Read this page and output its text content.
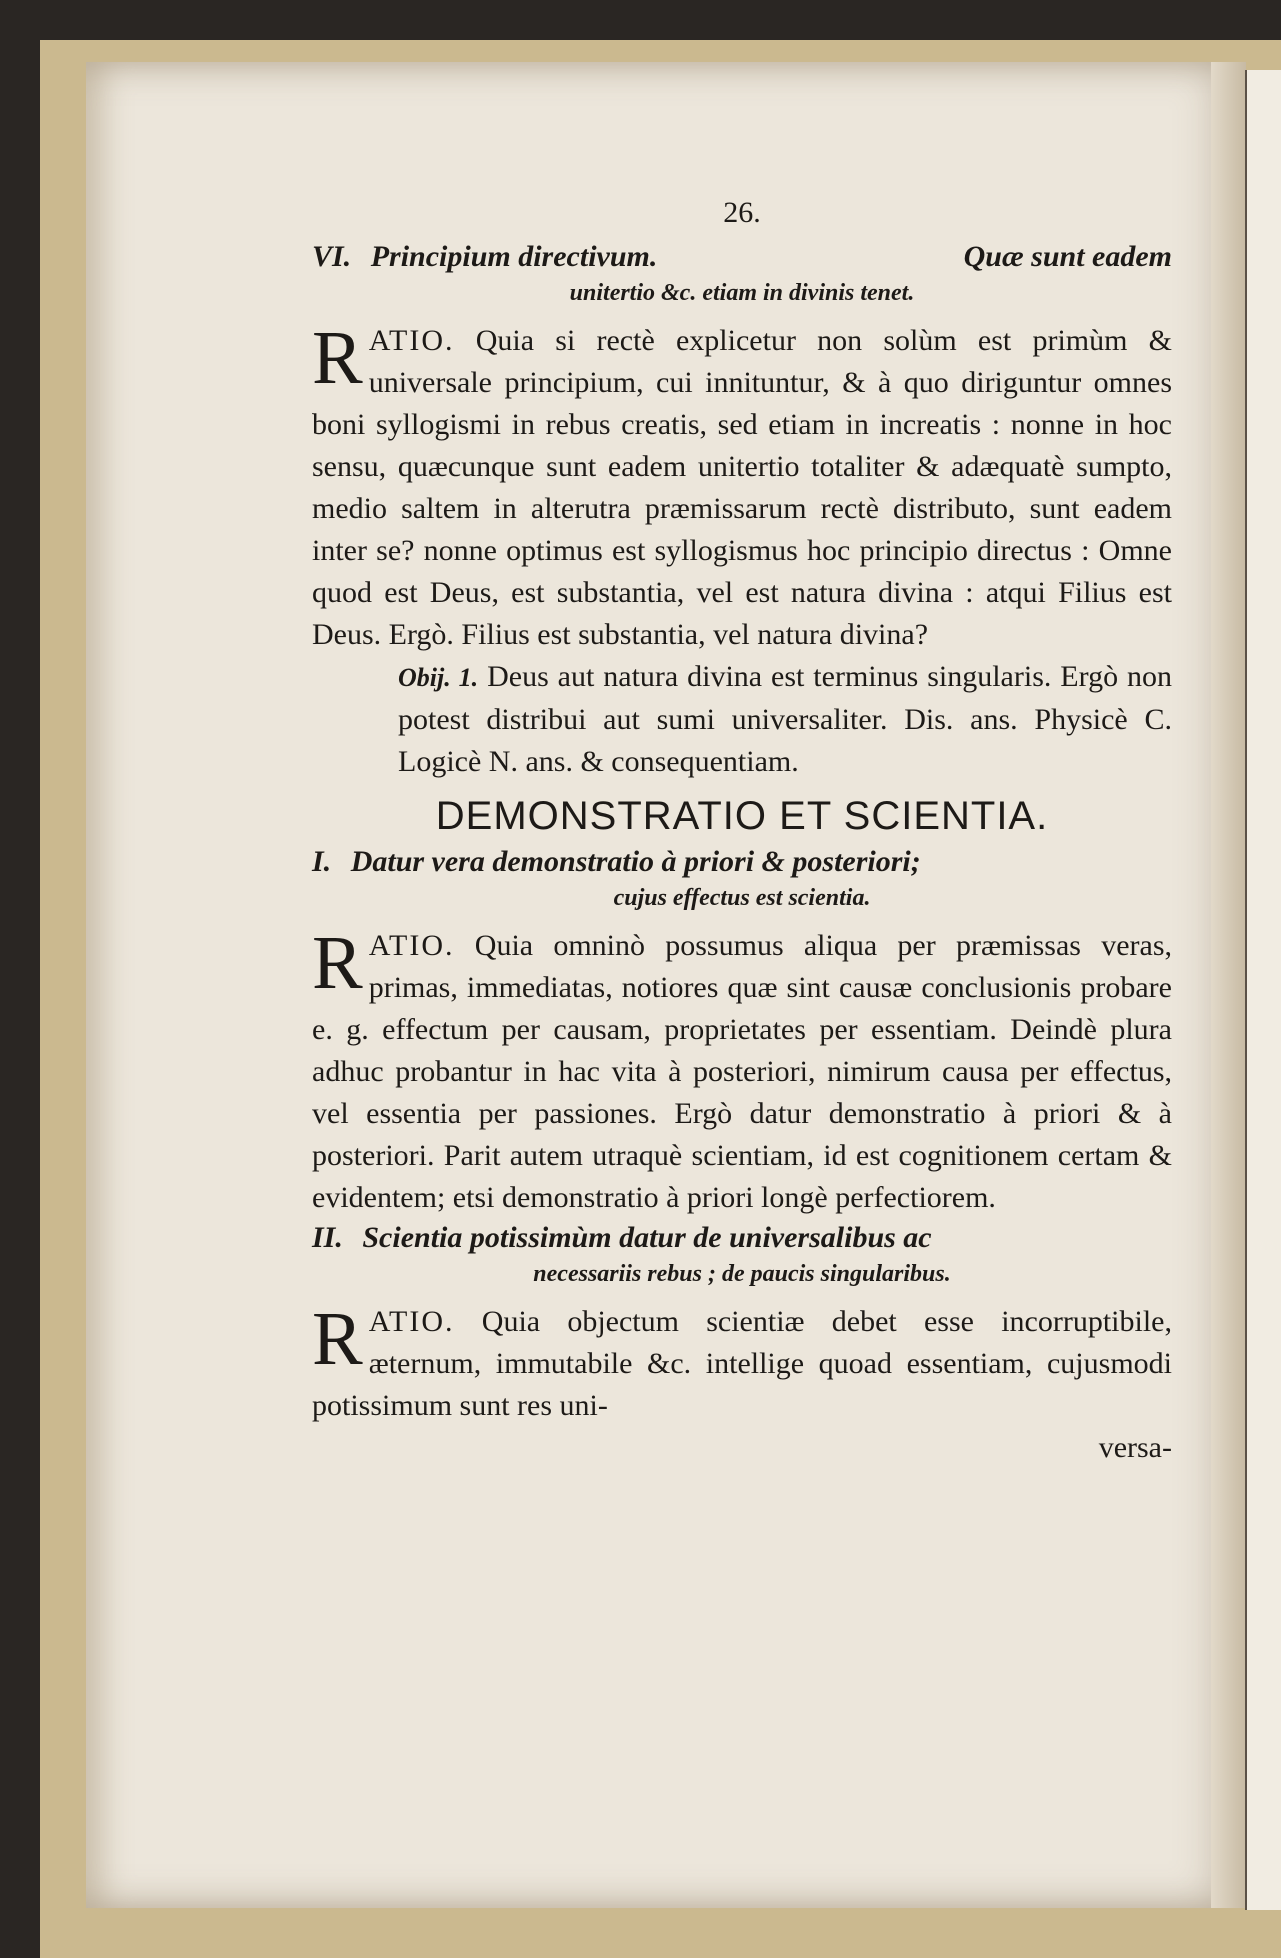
26.
VI. Principium directivum.	Quæ sunt eadem
unitertio &c. etiam in divinis tenet.
R ATIO. Quia si rectè explicetur non solùm est primùm & universale principium, cui innituntur, & à quo diriguntur omnes boni syllogismi in rebus creatis, sed etiam in increatis : nonne in hoc sensu, quæcunque sunt eadem unitertio totaliter & adæquatè sumpto, medio saltem in alterutra præmissarum rectè distributo, sunt eadem inter se? nonne optimus est syllogismus hoc principio directus : Omne quod est Deus, est substantia, vel est natura divina : atqui Filius est Deus. Ergò. Filius est substantia, vel natura divina?
Obij. 1. Deus aut natura divina est terminus singularis. Ergò non potest distribui aut sumi universaliter. Dis. ans. Physicè C. Logicè N. ans. & consequentiam.
DEMONSTRATIO ET SCIENTIA.
I. Datur vera demonstratio à priori & posteriori;
cujus effectus est scientia.
R ATIO. Quia omninò possumus aliqua per præmissas veras, primas, immediatas, notiores quæ sint causæ conclusionis probare e. g. effectum per causam, proprietates per essentiam. Deindè plura adhuc probantur in hac vita à posteriori, nimirum causa per effectus, vel essentia per passiones. Ergò datur demonstratio à priori & à posteriori. Parit autem utraquè scientiam, id est cognitionem certam & evidentem; etsi demonstratio à priori longè perfectiorem.
II. Scientia potissimùm datur de universalibus ac
necessariis rebus ; de paucis singularibus.
R ATIO. Quia objectum scientiæ debet esse incorruptibile, æternum, immutabile &c. intellige quoad essentiam, cujusmodi potissimum sunt res uni-
versa-
